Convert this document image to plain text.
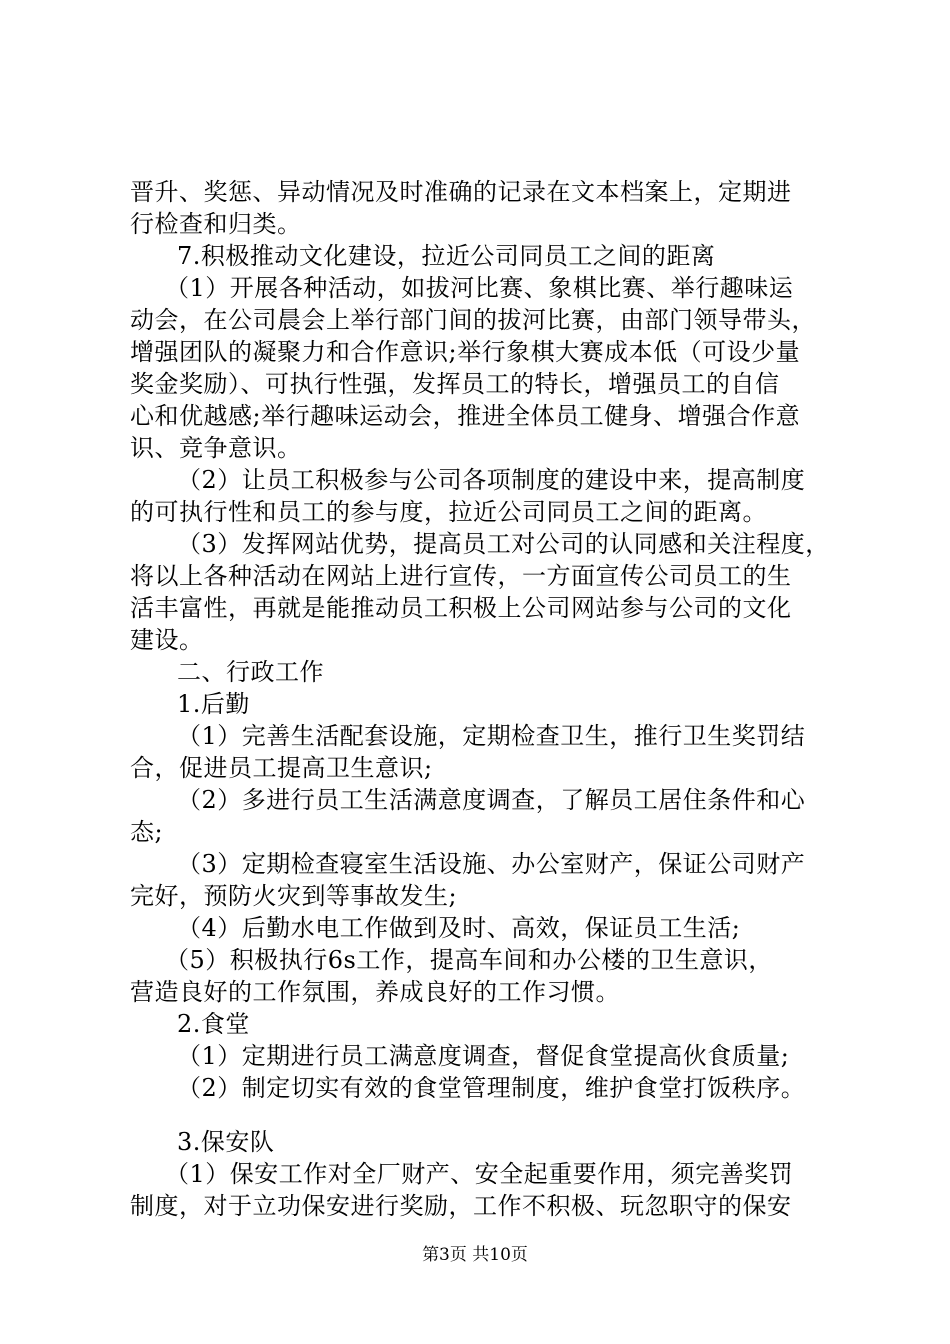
晋升、奖惩、异动情况及时准确的记录在文本档案上，定期进
行检查和归类。
7.积极推动文化建设，拉近公司同员工之间的距离
（1）开展各种活动，如拔河比赛、象棋比赛、举行趣味运
动会，在公司晨会上举行部门间的拔河比赛，由部门领导带头，
增强团队的凝聚力和合作意识;举行象棋大赛成本低（可设少量
奖金奖励）、可执行性强，发挥员工的特长，增强员工的自信
心和优越感;举行趣味运动会，推进全体员工健身、增强合作意
识、竞争意识。
（2）让员工积极参与公司各项制度的建设中来，提高制度
的可执行性和员工的参与度，拉近公司同员工之间的距离。
（3）发挥网站优势，提高员工对公司的认同感和关注程度，
将以上各种活动在网站上进行宣传，一方面宣传公司员工的生
活丰富性，再就是能推动员工积极上公司网站参与公司的文化
建设。
二、行政工作
1.后勤
（1）完善生活配套设施，定期检查卫生，推行卫生奖罚结
合，促进员工提高卫生意识;
（2）多进行员工生活满意度调查，了解员工居住条件和心
态;
（3）定期检查寝室生活设施、办公室财产，保证公司财产
完好，预防火灾到等事故发生;
（4）后勤水电工作做到及时、高效，保证员工生活;
（5）积极执行6s工作，提高车间和办公楼的卫生意识，
营造良好的工作氛围，养成良好的工作习惯。
2.食堂
（1）定期进行员工满意度调查，督促食堂提高伙食质量;
（2）制定切实有效的食堂管理制度，维护食堂打饭秩序。
3.保安队
（1）保安工作对全厂财产、安全起重要作用，须完善奖罚
制度，对于立功保安进行奖励，工作不积极、玩忽职守的保安
第3页 共10页
